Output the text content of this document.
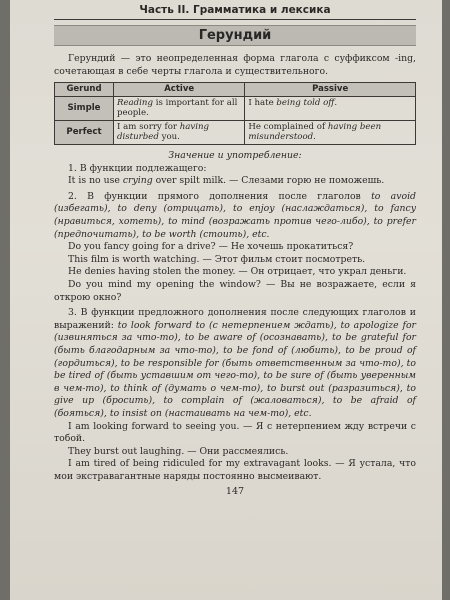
Часть II. Грамматика и лексика
Герундий

Герундий — это неопределенная форма глагола с суффиксом -ing, сочетающая в себе черты глагола и существительного.

Gerund	Active	Passive
Simple	Reading is important for all people.	I hate being told off.
Perfect	I am sorry for having disturbed you.	He complained of having been misunderstood.
Значение и употребление:

1. В функции подлежащего:

It is no use crying over spilt milk. — Слезами горю не поможешь.

2. В функции прямого дополнения после глаголов to avoid (избегать), to deny (отрицать), to enjoy (наслаждаться), to fancy (нравиться, хотеть), to mind (возражать против чего-либо), to prefer (предпочитать), to be worth (стоить), etc.

Do you fancy going for a drive? — Не хочешь прокатиться?

This film is worth watching. — Этот фильм стоит посмотреть.

He denies having stolen the money. — Он отрицает, что украл деньги.

Do you mind my opening the window? — Вы не возражаете, если я открою окно?

3. В функции предложного дополнения после следующих глаголов и выражений: to look forward to (с нетерпением ждать), to apologize for (извиняться за что-то), to be aware of (осознавать), to be grateful for (быть благодарным за что-то), to be fond of (любить), to be proud of (гордиться), to be responsible for (быть ответственным за что-то), to be tired of (быть уставшим от чего-то), to be sure of (быть уверенным в чем-то), to think of (думать о чем-то), to burst out (разразиться), to give up (бросить), to complain of (жаловаться), to be afraid of (бояться), to insist on (настаивать на чем-то), etc.

I am looking forward to seeing you. — Я с нетерпением жду встречи с тобой.

They burst out laughing. — Они рассмеялись.

I am tired of being ridiculed for my extravagant looks. — Я устала, что мои экстравагантные наряды постоянно высмеивают.

147
